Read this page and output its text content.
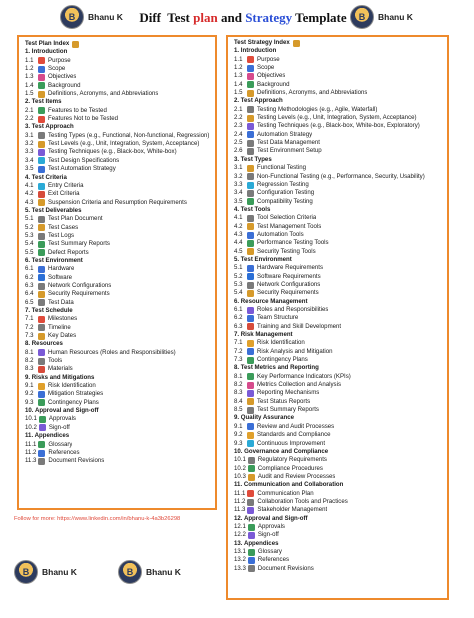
B	Bhanu K	Diff  Test plan and Strategy Template	B	Bhanu K
Test Plan Index
1. Introduction
1.1	Purpose
1.2	Scope
1.3	Objectives
1.4	Background
1.5	Definitions, Acronyms, and Abbreviations
2. Test Items
2.1	Features to be Tested
2.2	Features Not to be Tested
3. Test Approach
3.1	Testing Types (e.g., Functional, Non-functional, Regression)
3.2	Test Levels (e.g., Unit, Integration, System, Acceptance)
3.3	Testing Techniques (e.g., Black-box, White-box)
3.4	Test Design Specifications
3.5	Test Automation Strategy
4. Test Criteria
4.1	Entry Criteria
4.2	Exit Criteria
4.3	Suspension Criteria and Resumption Requirements
5. Test Deliverables
5.1	Test Plan Document
5.2	Test Cases
5.3	Test Logs
5.4	Test Summary Reports
5.5	Defect Reports
6. Test Environment
6.1	Hardware
6.2	Software
6.3	Network Configurations
6.4	Security Requirements
6.5	Test Data
7. Test Schedule
7.1	Milestones
7.2	Timeline
7.3	Key Dates
8. Resources
8.1	Human Resources (Roles and Responsibilities)
8.2	Tools
8.3	Materials
9. Risks and Mitigations
9.1	Risk Identification
9.2	Mitigation Strategies
9.3	Contingency Plans
10. Approval and Sign-off
10.1 Approvals
10.2 Sign-off
11. Appendices
11.1 Glossary
11.2 References
11.3 Document Revisions
Test Strategy Index
1. Introduction
1.1	Purpose
1.2	Scope
1.3	Objectives
1.4	Background
1.5	Definitions, Acronyms, and Abbreviations
2. Test Approach
2.1	Testing Methodologies (e.g., Agile, Waterfall)
2.2	Testing Levels (e.g., Unit, Integration, System, Acceptance)
2.3	Testing Techniques (e.g., Black-box, White-box, Exploratory)
2.4	Automation Strategy
2.5	Test Data Management
2.6	Test Environment Setup
3. Test Types
3.1	Functional Testing
3.2	Non-Functional Testing (e.g., Performance, Security, Usability)
3.3	Regression Testing
3.4	Configuration Testing
3.5	Compatibility Testing
4. Test Tools
4.1	Tool Selection Criteria
4.2	Test Management Tools
4.3	Automation Tools
4.4	Performance Testing Tools
4.5	Security Testing Tools
5. Test Environment
5.1	Hardware Requirements
5.2	Software Requirements
5.3	Network Configurations
5.4	Security Requirements
6. Resource Management
6.1	Roles and Responsibilities
6.2	Team Structure
6.3	Training and Skill Development
7. Risk Management
7.1	Risk Identification
7.2	Risk Analysis and Mitigation
7.3	Contingency Plans
8. Test Metrics and Reporting
8.1	Key Performance Indicators (KPIs)
8.2	Metrics Collection and Analysis
8.3	Reporting Mechanisms
8.4	Test Status Reports
8.5	Test Summary Reports
9. Quality Assurance
9.1	Review and Audit Processes
9.2	Standards and Compliance
9.3	Continuous Improvement
10. Governance and Compliance
10.1 Regulatory Requirements
10.2 Compliance Procedures
10.3 Audit and Review Processes
11. Communication and Collaboration
11.1 Communication Plan
11.2 Collaboration Tools and Practices
11.3 Stakeholder Management
12. Approval and Sign-off
12.1 Approvals
12.2 Sign-off
13. Appendices
13.1 Glossary
13.2 References
13.3 Document Revisions
Follow for more: https://www.linkedin.com/in/bhanu-k-4a3b26298
B	Bhanu K	B	Bhanu K
